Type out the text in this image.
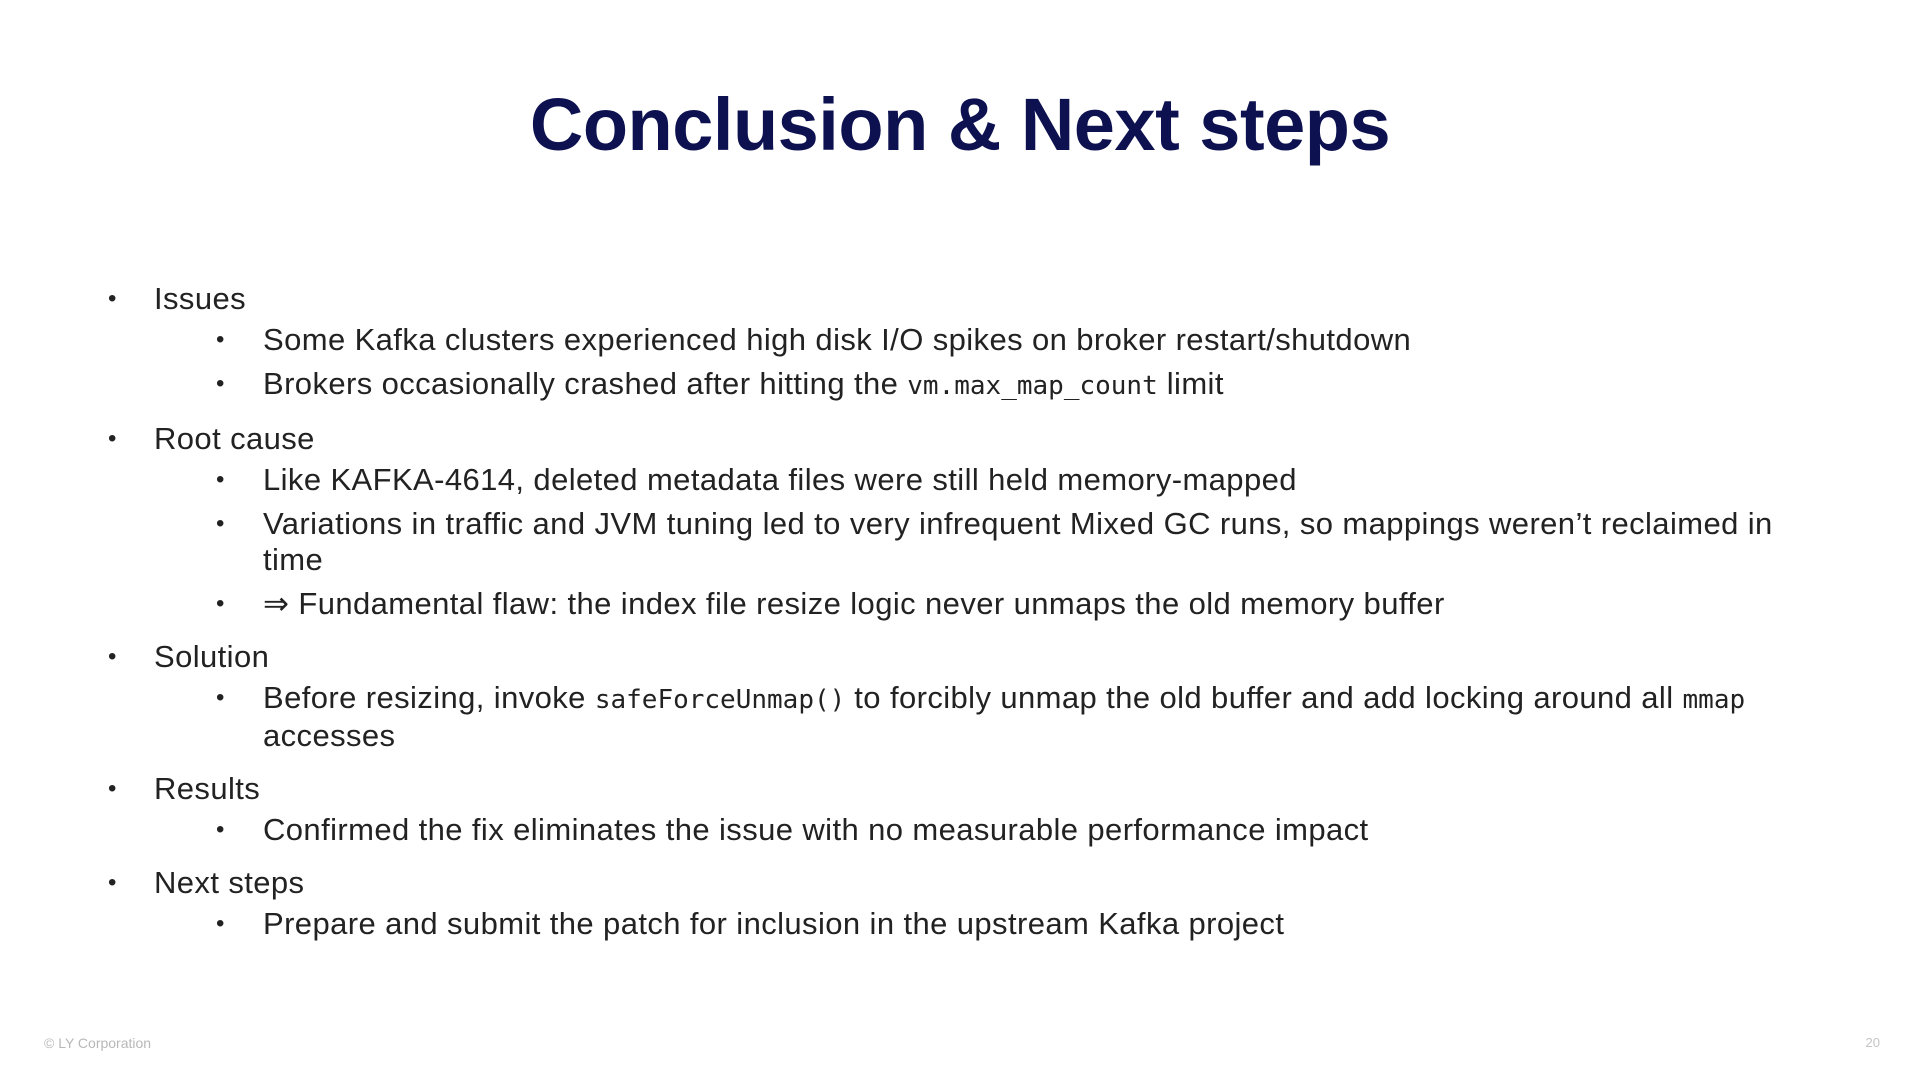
Conclusion & Next steps
• Issues
• Some Kafka clusters experienced high disk I/O spikes on broker restart/shutdown
• Brokers occasionally crashed after hitting the vm.max_map_count limit
• Root cause
• Like KAFKA-4614, deleted metadata files were still held memory-mapped
• Variations in traffic and JVM tuning led to very infrequent Mixed GC runs, so mappings weren’t reclaimed in time
• ⇒ Fundamental flaw: the index file resize logic never unmaps the old memory buffer
• Solution
• Before resizing, invoke safeForceUnmap() to forcibly unmap the old buffer and add locking around all mmap accesses
• Results
• Confirmed the fix eliminates the issue with no measurable performance impact
• Next steps
• Prepare and submit the patch for inclusion in the upstream Kafka project
© LY Corporation	20
